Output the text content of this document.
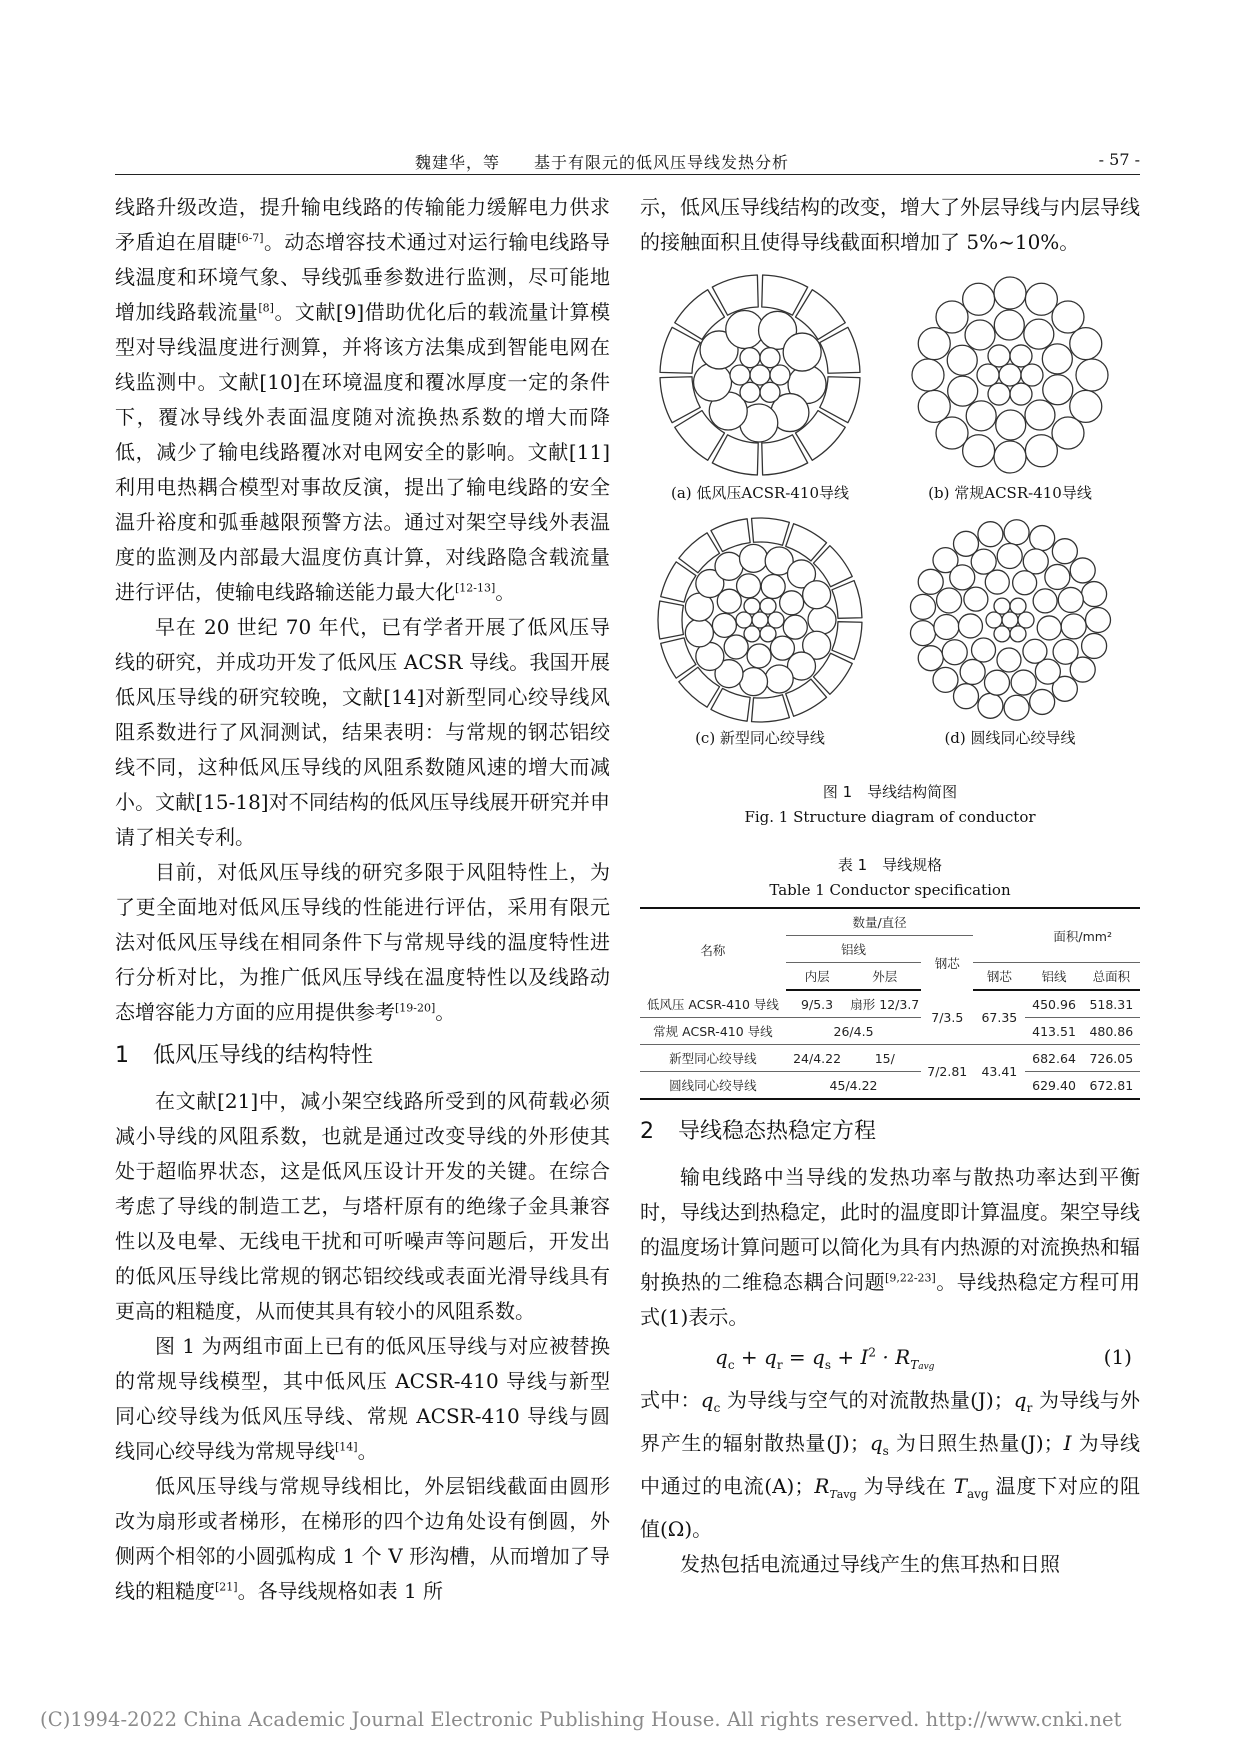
魏建华，等　　基于有限元的低风压导线发热分析	- 57 -

线路升级改造，提升输电线路的传输能力缓解电力供求矛盾迫在眉睫[6-7]。动态增容技术通过对运行输电线路导线温度和环境气象、导线弧垂参数进行监测，尽可能地增加线路载流量[8]。文献[9]借助优化后的载流量计算模型对导线温度进行测算，并将该方法集成到智能电网在线监测中。文献[10]在环境温度和覆冰厚度一定的条件下，覆冰导线外表面温度随对流换热系数的增大而降低，减少了输电线路覆冰对电网安全的影响。文献[11]利用电热耦合模型对事故反演，提出了输电线路的安全温升裕度和弧垂越限预警方法。通过对架空导线外表温度的监测及内部最大温度仿真计算，对线路隐含载流量进行评估，使输电线路输送能力最大化[12-13]。

早在 20 世纪 70 年代，已有学者开展了低风压导线的研究，并成功开发了低风压 ACSR 导线。我国开展低风压导线的研究较晚，文献[14]对新型同心绞导线风阻系数进行了风洞测试，结果表明：与常规的钢芯铝绞线不同，这种低风压导线的风阻系数随风速的增大而减小。文献[15-18]对不同结构的低风压导线展开研究并申请了相关专利。

目前，对低风压导线的研究多限于风阻特性上，为了更全面地对低风压导线的性能进行评估，采用有限元法对低风压导线在相同条件下与常规导线的温度特性进行分析对比，为推广低风压导线在温度特性以及线路动态增容能力方面的应用提供参考[19-20]。

1 低风压导线的结构特性

在文献[21]中，减小架空线路所受到的风荷载必须减小导线的风阻系数，也就是通过改变导线的外形使其处于超临界状态，这是低风压设计开发的关键。在综合考虑了导线的制造工艺，与塔杆原有的绝缘子金具兼容性以及电晕、无线电干扰和可听噪声等问题后，开发出的低风压导线比常规的钢芯铝绞线或表面光滑导线具有更高的粗糙度，从而使其具有较小的风阻系数。

图 1 为两组市面上已有的低风压导线与对应被替换的常规导线模型，其中低风压 ACSR-410 导线与新型同心绞导线为低风压导线、常规 ACSR-410 导线与圆线同心绞导线为常规导线[14]。

低风压导线与常规导线相比，外层铝线截面由圆形改为扇形或者梯形，在梯形的四个边角处设有倒圆，外侧两个相邻的小圆弧构成 1 个 V 形沟槽，从而增加了导线的粗糙度[21]。各导线规格如表 1 所

示，低风压导线结构的改变，增大了外层导线与内层导线的接触面积且使得导线截面积增加了 5%~10%。

(a) 低风压ACSR-410导线	(b) 常规ACSR-410导线
(c) 新型同心绞导线	(d) 圆线同心绞导线
图 1　导线结构简图
Fig. 1 Structure diagram of conductor
表 1　导线规格
Table 1 Conductor specification
名称	数量/直径				面积/mm²	
	铝线		钢芯			
	内层	外层		钢芯	铝线	总面积
低风压 ACSR-410 导线	9/5.3	扇形 12/3.7	7/3.5	67.35	450.96	518.31
常规 ACSR-410 导线	26/4.5				413.51	480.86
新型同心绞导线	24/4.22	15/	7/2.81	43.41	682.64	726.05
圆线同心绞导线	45/4.22				629.40	672.81
2 导线稳态热稳定方程

输电线路中当导线的发热功率与散热功率达到平衡时，导线达到热稳定，此时的温度即计算温度。架空导线的温度场计算问题可以简化为具有内热源的对流换热和辐射换热的二维稳态耦合问题[9,22-23]。导线热稳定方程可用式(1)表示。

$q_c + q_r = q_s + I^2 \cdot R_{Tavg}$	(1)

式中：$q_c$ 为导线与空气的对流散热量(J)；$q_r$ 为导线与外界产生的辐射散热量(J)；$q_s$ 为日照生热量(J)；I 为导线中通过的电流(A)；$R_{Tavg}$ 为导线在 $T_{avg}$ 温度下对应的阻值(Ω)。

发热包括电流通过导线产生的焦耳热和日照

(C)1994-2022 China Academic Journal Electronic Publishing House. All rights reserved. http://www.cnki.net
